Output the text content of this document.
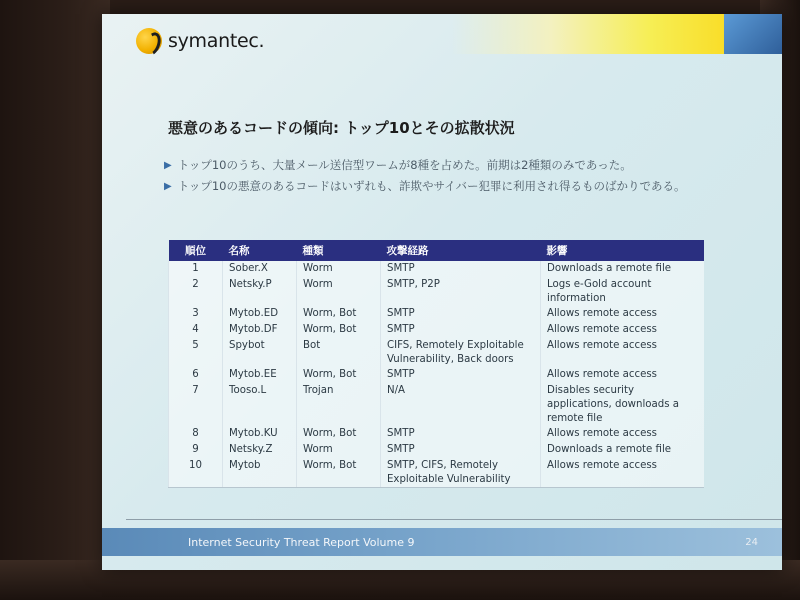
symantec.
悪意のあるコードの傾向: トップ10とその拡散状況
▶ トップ10のうち、大量メール送信型ワームが8種を占めた。前期は2種類のみであった。
▶ トップ10の悪意のあるコードはいずれも、詐欺やサイバー犯罪に利用され得るものばかりである。
順位	名称	種類	攻撃経路	影響
1	Sober.X	Worm	SMTP	Downloads a remote file
2	Netsky.P	Worm	SMTP, P2P	Logs e-Gold account information
3	Mytob.ED	Worm, Bot	SMTP	Allows remote access
4	Mytob.DF	Worm, Bot	SMTP	Allows remote access
5	Spybot	Bot	CIFS, Remotely Exploitable Vulnerability, Back doors	Allows remote access
6	Mytob.EE	Worm, Bot	SMTP	Allows remote access
7	Tooso.L	Trojan	N/A	Disables security applications, downloads a remote file
8	Mytob.KU	Worm, Bot	SMTP	Allows remote access
9	Netsky.Z	Worm	SMTP	Downloads a remote file
10	Mytob	Worm, Bot	SMTP, CIFS, Remotely Exploitable Vulnerability	Allows remote access
Internet Security Threat Report Volume 9	24
